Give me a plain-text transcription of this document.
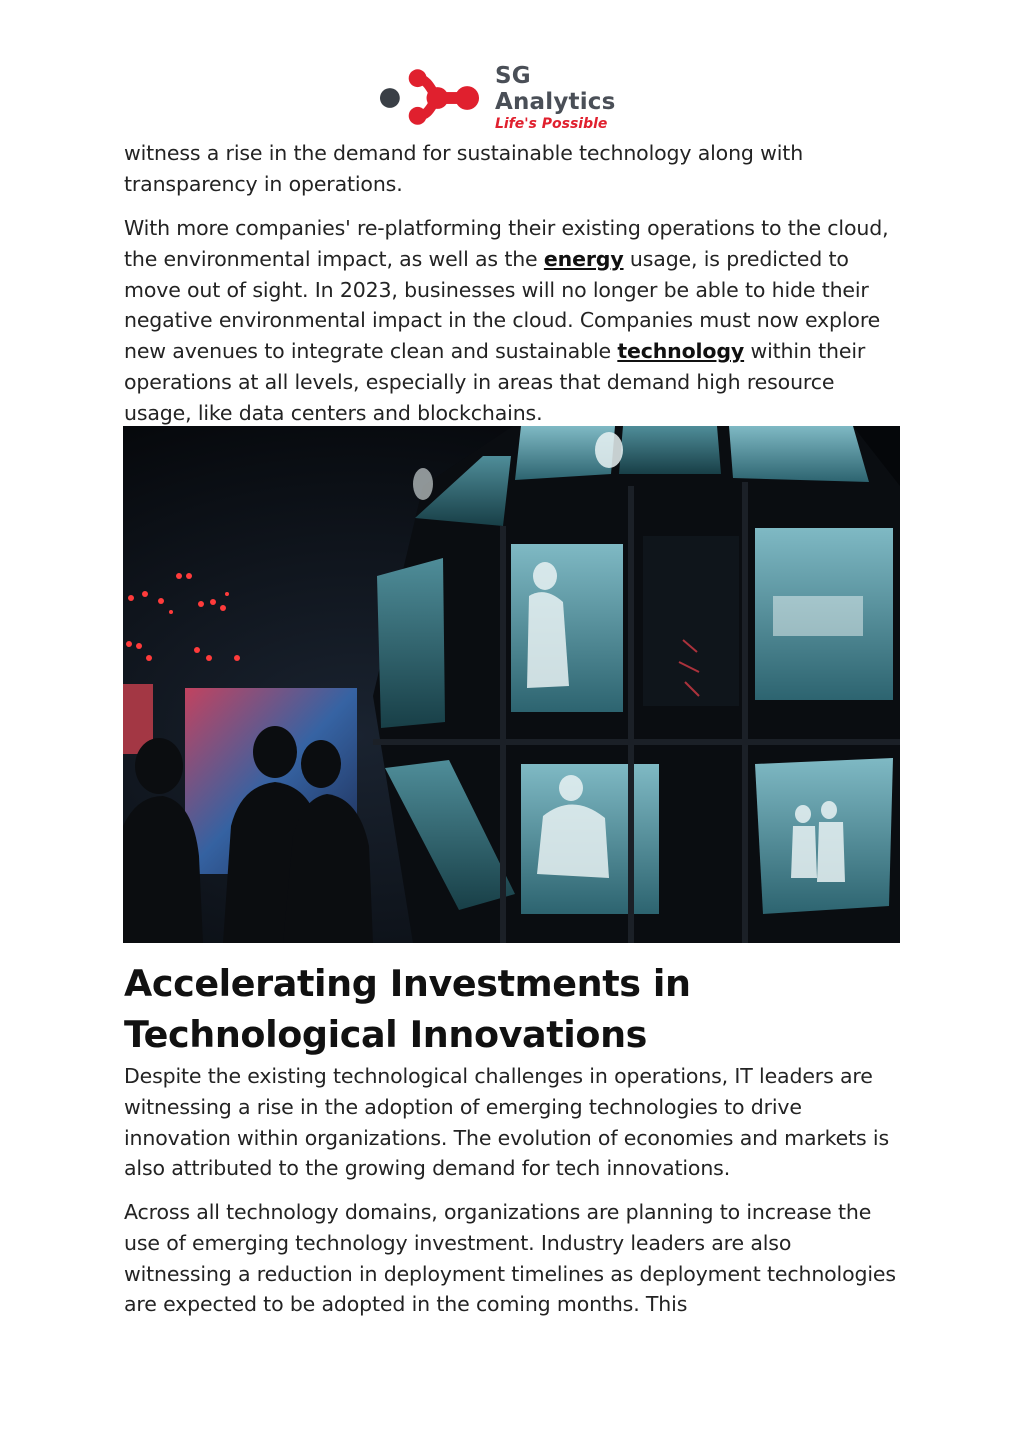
SG Analytics
Life's Possible

witness a rise in the demand for sustainable technology along with transparency in operations.

With more companies' re-platforming their existing operations to the cloud, the environmental impact, as well as the energy usage, is predicted to move out of sight. In 2023, businesses will no longer be able to hide their negative environmental impact in the cloud. Companies must now explore new avenues to integrate clean and sustainable technology within their operations at all levels, especially in areas that demand high resource usage, like data centers and blockchains.

Accelerating Investments in Technological Innovations

Despite the existing technological challenges in operations, IT leaders are witnessing a rise in the adoption of emerging technologies to drive innovation within organizations. The evolution of economies and markets is also attributed to the growing demand for tech innovations.

Across all technology domains, organizations are planning to increase the use of emerging technology investment. Industry leaders are also witnessing a reduction in deployment timelines as deployment technologies are expected to be adopted in the coming months. This
